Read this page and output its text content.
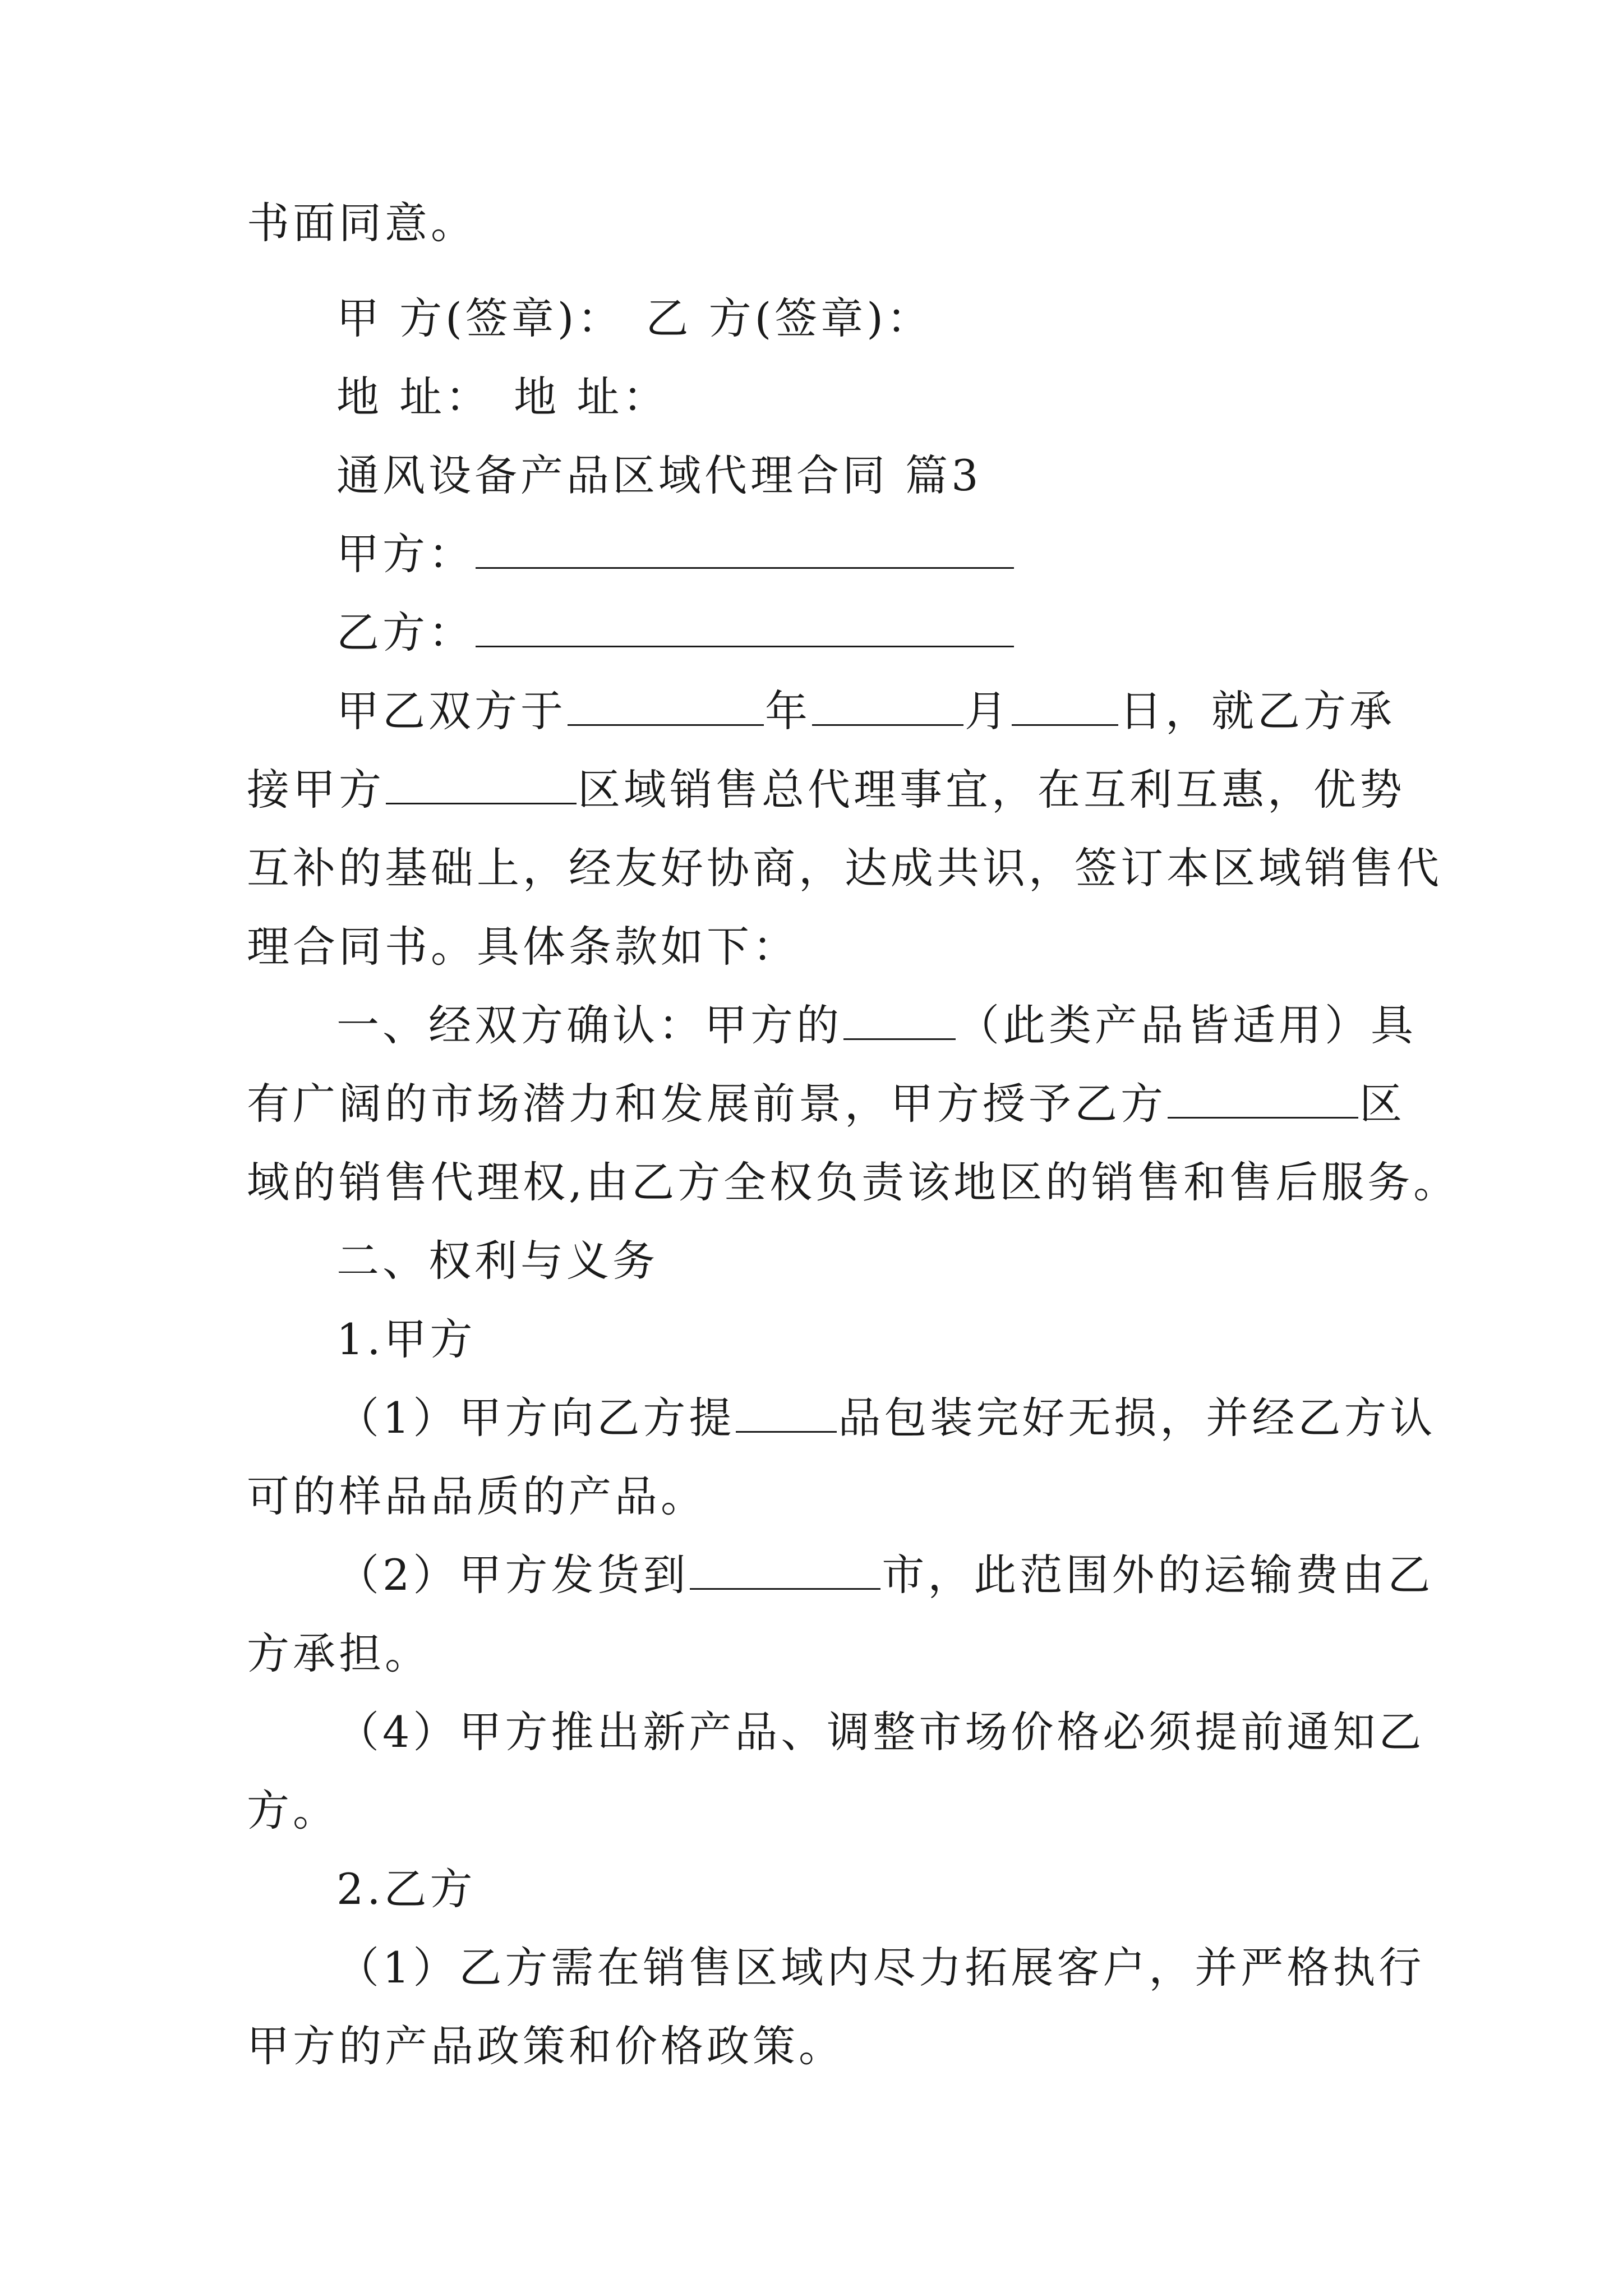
书面同意。
甲 方(签章)： 乙 方(签章)：
地 址： 地 址：
通风设备产品区域代理合同 篇3
甲方：
乙方：
甲乙双方于	年	月	日，就乙方承
接甲方	区域销售总代理事宜，在互利互惠，优势
互补的基础上，经友好协商，达成共识，签订本区域销售代
理合同书。具体条款如下：
一、经双方确认：甲方的	（此类产品皆适用）具
有广阔的市场潜力和发展前景，甲方授予乙方	区
域的销售代理权,由乙方全权负责该地区的销售和售后服务。
二、权利与义务
1.甲方
（1）甲方向乙方提 品包装完好无损，并经乙方认
可的样品品质的产品。
（2）甲方发货到	市，此范围外的运输费由乙
方承担。
（4）甲方推出新产品、调整市场价格必须提前通知乙
方。
2.乙方
（1）乙方需在销售区域内尽力拓展客户，并严格执行
甲方的产品政策和价格政策。
